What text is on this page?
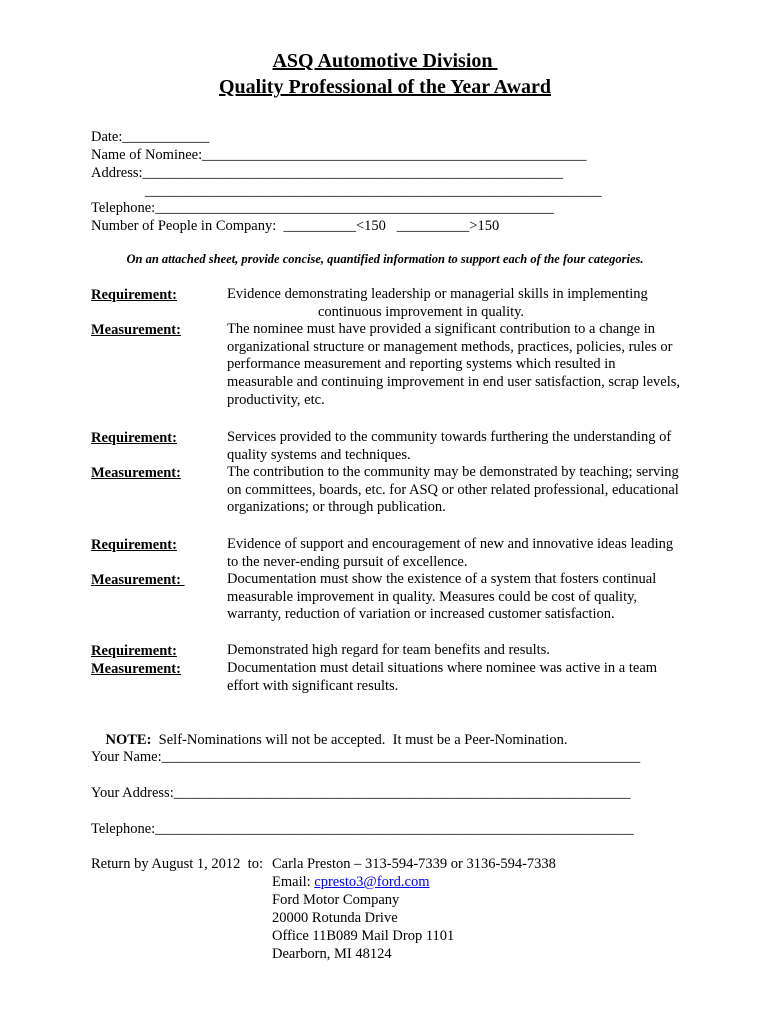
ASQ Automotive Division
Quality Professional of the Year Award
Date:____________
Name of Nominee:_____________________________________________________
Address:__________________________________________________________
_______________________________________________________________
Telephone:_______________________________________________________
Number of People in Company:  __________<150   __________>150
On an attached sheet, provide concise, quantified information to support each of the four categories.
Requirement:	Evidence demonstrating leadership or managerial skills in implementing
continuous improvement in quality.
Measurement:	The nominee must have provided a significant contribution to a change in organizational structure or management methods, practices, policies, rules or performance measurement and reporting systems which resulted in measurable and continuing improvement in end user satisfaction, scrap levels, productivity, etc.
Requirement:	Services provided to the community towards furthering the understanding of quality systems and techniques.
Measurement:	The contribution to the community may be demonstrated by teaching; serving on committees, boards, etc. for ASQ or other related professional, educational organizations; or through publication.
Requirement:	Evidence of support and encouragement of new and innovative ideas leading to the never-ending pursuit of excellence.
Measurement:	Documentation must show the existence of a system that fosters continual measurable improvement in quality. Measures could be cost of quality, warranty, reduction of variation or increased customer satisfaction.
Requirement:	Demonstrated high regard for team benefits and results.
Measurement:	Documentation must detail situations where nominee was active in a team effort with significant results.

NOTE:  Self-Nominations will not be accepted.  It must be a Peer-Nomination.

Your Name:__________________________________________________________________
Your Address:_______________________________________________________________
Telephone:__________________________________________________________________
Return by August 1, 2012  to: Carla Preston – 313-594-7339 or 3136-594-7338
Email: cpresto3@ford.com
Ford Motor Company
20000 Rotunda Drive
Office 11B089 Mail Drop 1101
Dearborn, MI 48124
